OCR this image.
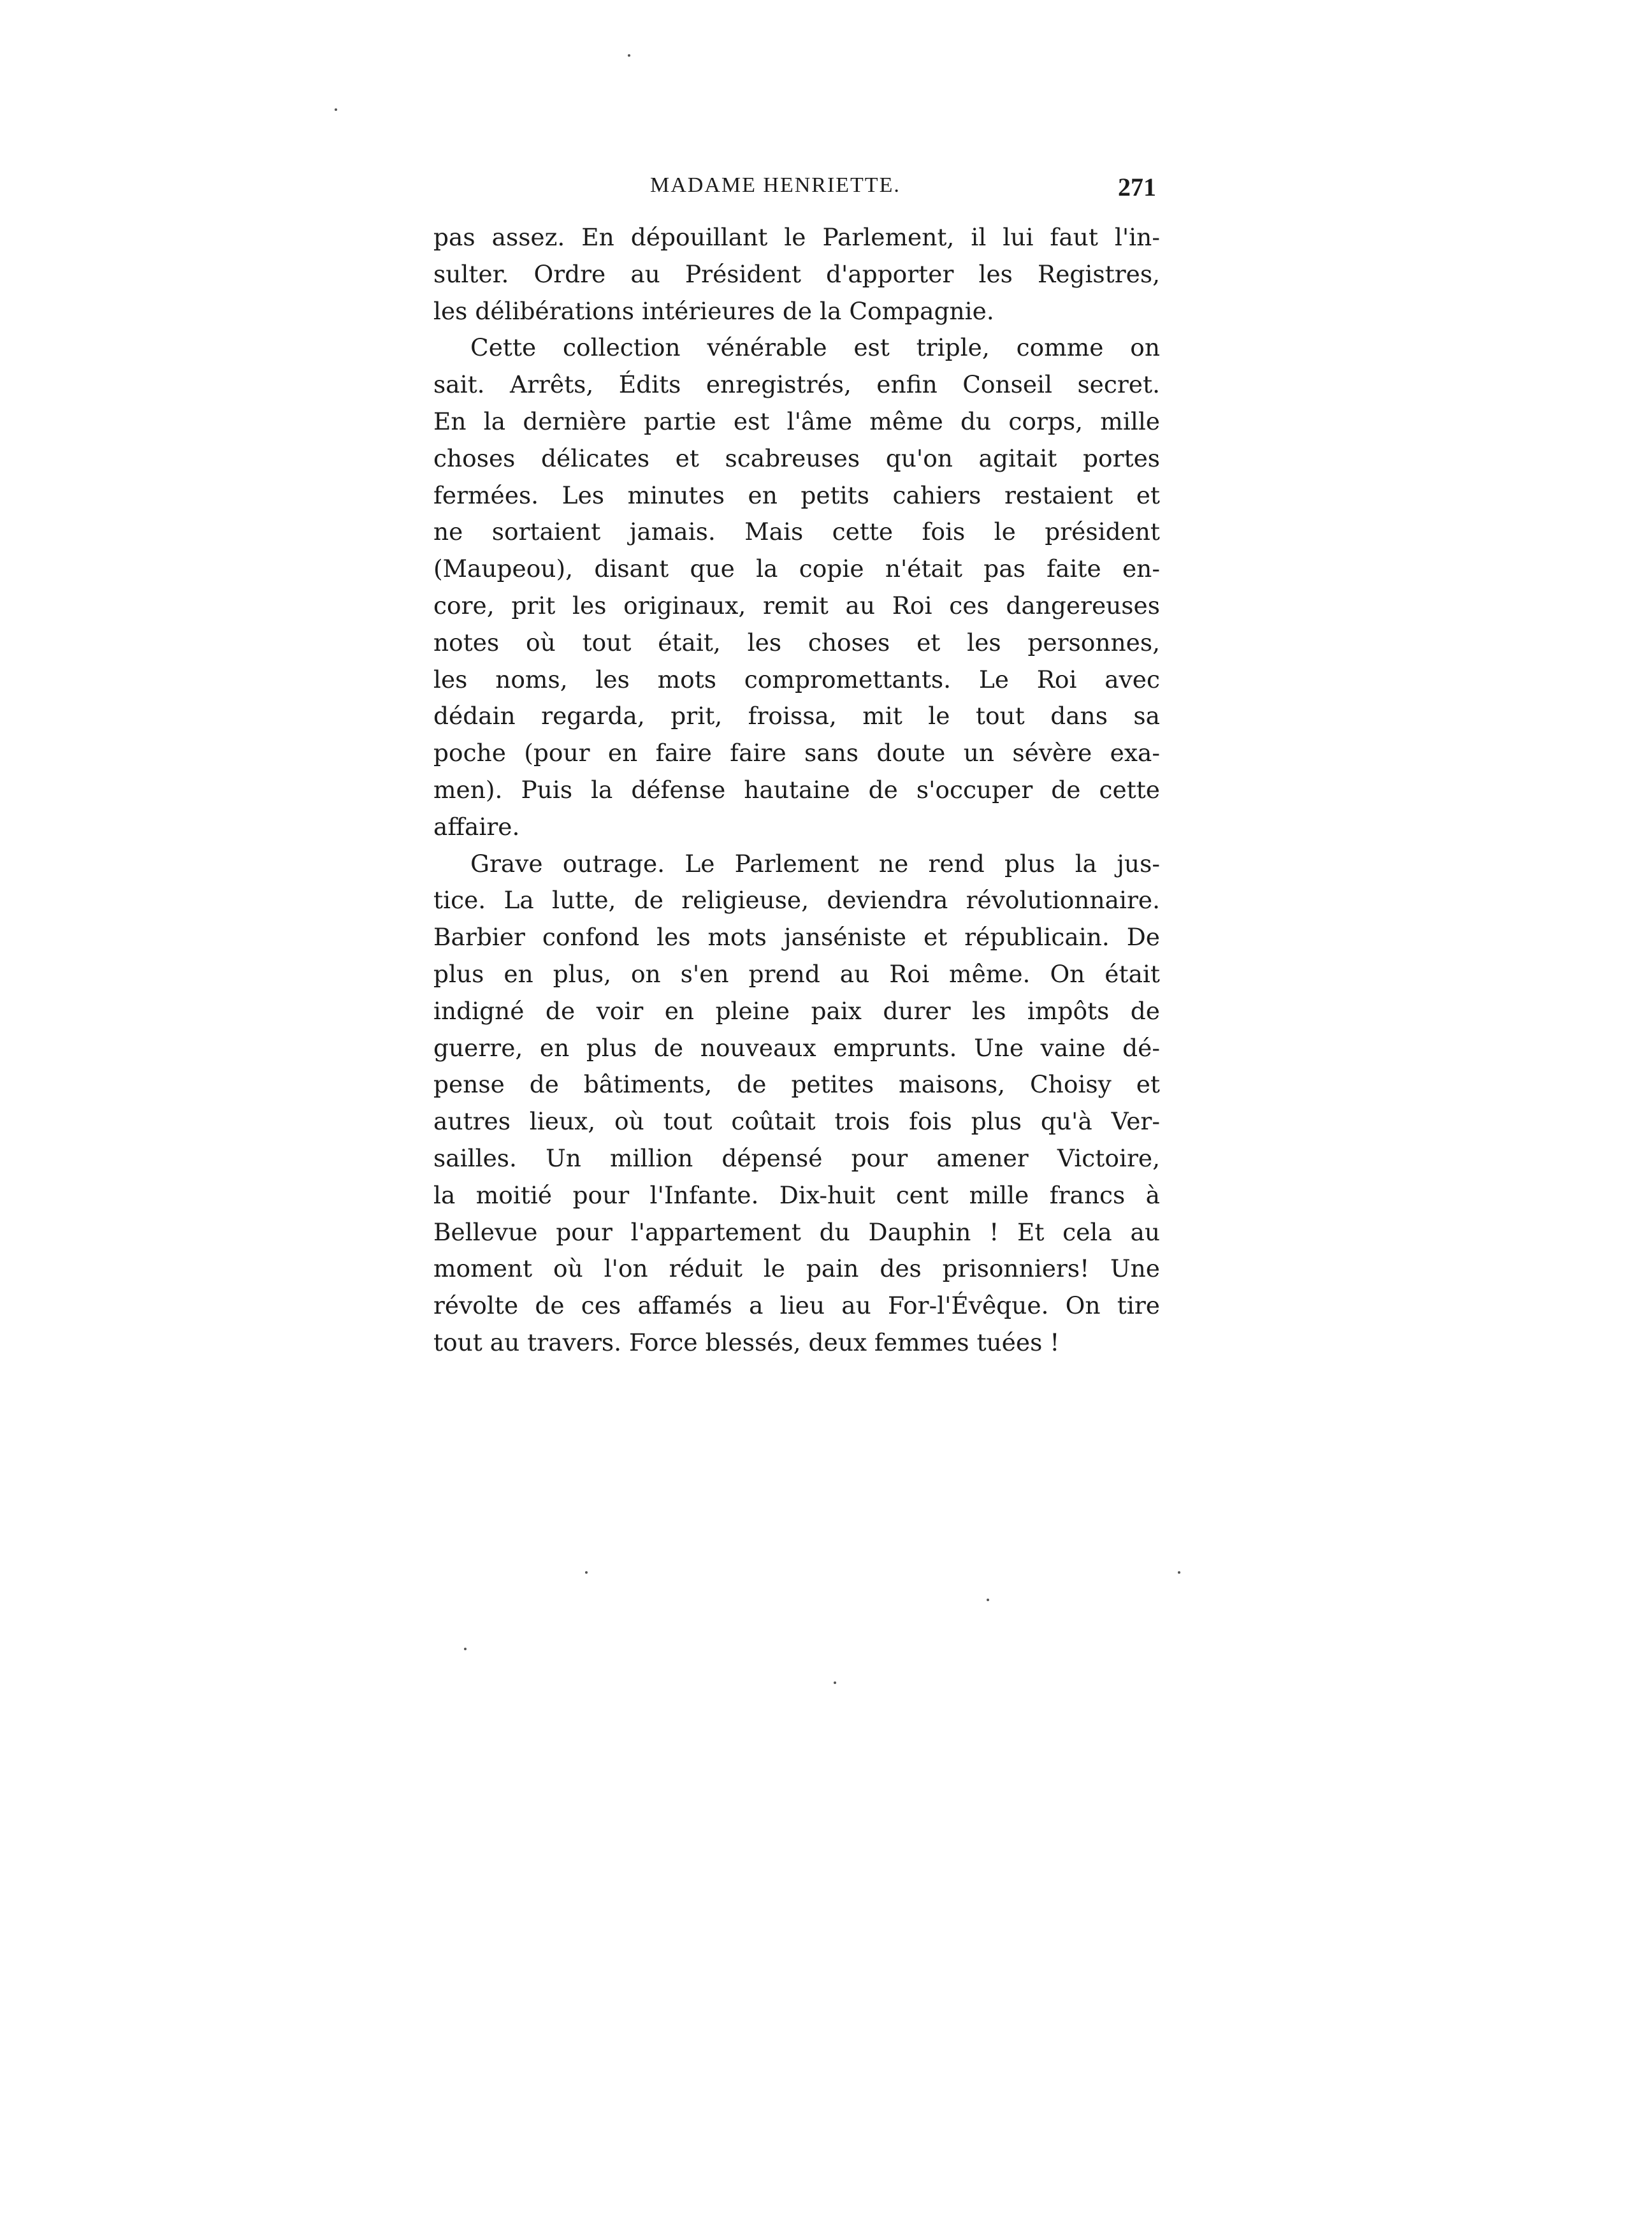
MADAME HENRIETTE.	271
pas assez. En dépouillant le Parlement, il lui faut l'in-
sulter. Ordre au Président d'apporter les Registres,
les délibérations intérieures de la Compagnie.
Cette collection vénérable est triple, comme on
sait. Arrêts, Édits enregistrés, enfin Conseil secret.
En la dernière partie est l'âme même du corps, mille
choses délicates et scabreuses qu'on agitait portes
fermées. Les minutes en petits cahiers restaient et
ne sortaient jamais. Mais cette fois le président
(Maupeou), disant que la copie n'était pas faite en-
core, prit les originaux, remit au Roi ces dangereuses
notes où tout était, les choses et les personnes,
les noms, les mots compromettants. Le Roi avec
dédain regarda, prit, froissa, mit le tout dans sa
poche (pour en faire faire sans doute un sévère exa-
men). Puis la défense hautaine de s'occuper de cette
affaire.
Grave outrage. Le Parlement ne rend plus la jus-
tice. La lutte, de religieuse, deviendra révolutionnaire.
Barbier confond les mots janséniste et républicain. De
plus en plus, on s'en prend au Roi même. On était
indigné de voir en pleine paix durer les impôts de
guerre, en plus de nouveaux emprunts. Une vaine dé-
pense de bâtiments, de petites maisons, Choisy et
autres lieux, où tout coûtait trois fois plus qu'à Ver-
sailles. Un million dépensé pour amener Victoire,
la moitié pour l'Infante. Dix-huit cent mille francs à
Bellevue pour l'appartement du Dauphin ! Et cela au
moment où l'on réduit le pain des prisonniers! Une
révolte de ces affamés a lieu au For-l'Évêque. On tire
tout au travers. Force blessés, deux femmes tuées !
